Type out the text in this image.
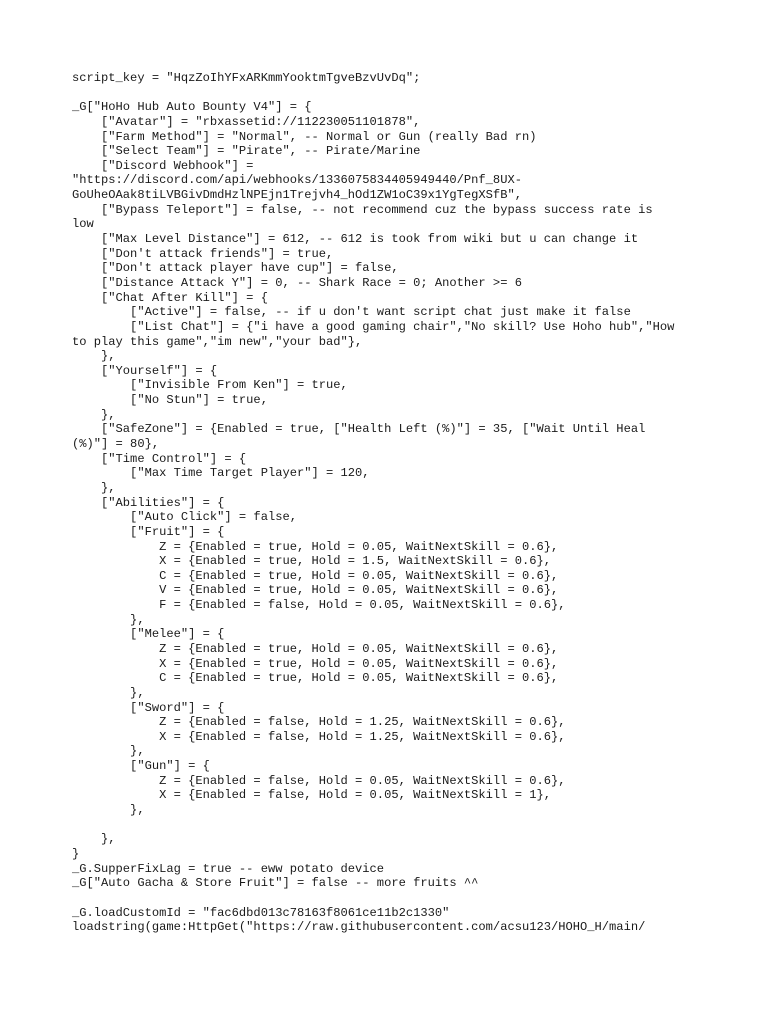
script_key = "HqzZoIhYFxARKmmYooktmTgveBzvUvDq";
_G["HoHo Hub Auto Bounty V4"] = {
["Avatar"] = "rbxassetid://112230051101878",
["Farm Method"] = "Normal", -- Normal or Gun (really Bad rn)
["Select Team"] = "Pirate", -- Pirate/Marine
["Discord Webhook"] =
"https://discord.com/api/webhooks/1336075834405949440/Pnf_8UX-
GoUheOAak8tiLVBGivDmdHzlNPEjn1Trejvh4_hOd1ZW1oC39x1YgTegXSfB",
["Bypass Teleport"] = false, -- not recommend cuz the bypass success rate is
low
["Max Level Distance"] = 612, -- 612 is took from wiki but u can change it
["Don't attack friends"] = true,
["Don't attack player have cup"] = false,
["Distance Attack Y"] = 0, -- Shark Race = 0; Another >= 6
["Chat After Kill"] = {
["Active"] = false, -- if u don't want script chat just make it false
["List Chat"] = {"i have a good gaming chair","No skill? Use Hoho hub","How
to play this game","im new","your bad"},
},
["Yourself"] = {
["Invisible From Ken"] = true,
["No Stun"] = true,
},
["SafeZone"] = {Enabled = true, ["Health Left (%)"] = 35, ["Wait Until Heal
(%)"] = 80},
["Time Control"] = {
["Max Time Target Player"] = 120,
},
["Abilities"] = {
["Auto Click"] = false,
["Fruit"] = {
Z = {Enabled = true, Hold = 0.05, WaitNextSkill = 0.6},
X = {Enabled = true, Hold = 1.5, WaitNextSkill = 0.6},
C = {Enabled = true, Hold = 0.05, WaitNextSkill = 0.6},
V = {Enabled = true, Hold = 0.05, WaitNextSkill = 0.6},
F = {Enabled = false, Hold = 0.05, WaitNextSkill = 0.6},
},
["Melee"] = {
Z = {Enabled = true, Hold = 0.05, WaitNextSkill = 0.6},
X = {Enabled = true, Hold = 0.05, WaitNextSkill = 0.6},
C = {Enabled = true, Hold = 0.05, WaitNextSkill = 0.6},
},
["Sword"] = {
Z = {Enabled = false, Hold = 1.25, WaitNextSkill = 0.6},
X = {Enabled = false, Hold = 1.25, WaitNextSkill = 0.6},
},
["Gun"] = {
Z = {Enabled = false, Hold = 0.05, WaitNextSkill = 0.6},
X = {Enabled = false, Hold = 0.05, WaitNextSkill = 1},
},
},
}
_G.SupperFixLag = true -- eww potato device
_G["Auto Gacha & Store Fruit"] = false -- more fruits ^^
_G.loadCustomId = "fac6dbd013c78163f8061ce11b2c1330"
loadstring(game:HttpGet("https://raw.githubusercontent.com/acsu123/HOHO_H/main/
